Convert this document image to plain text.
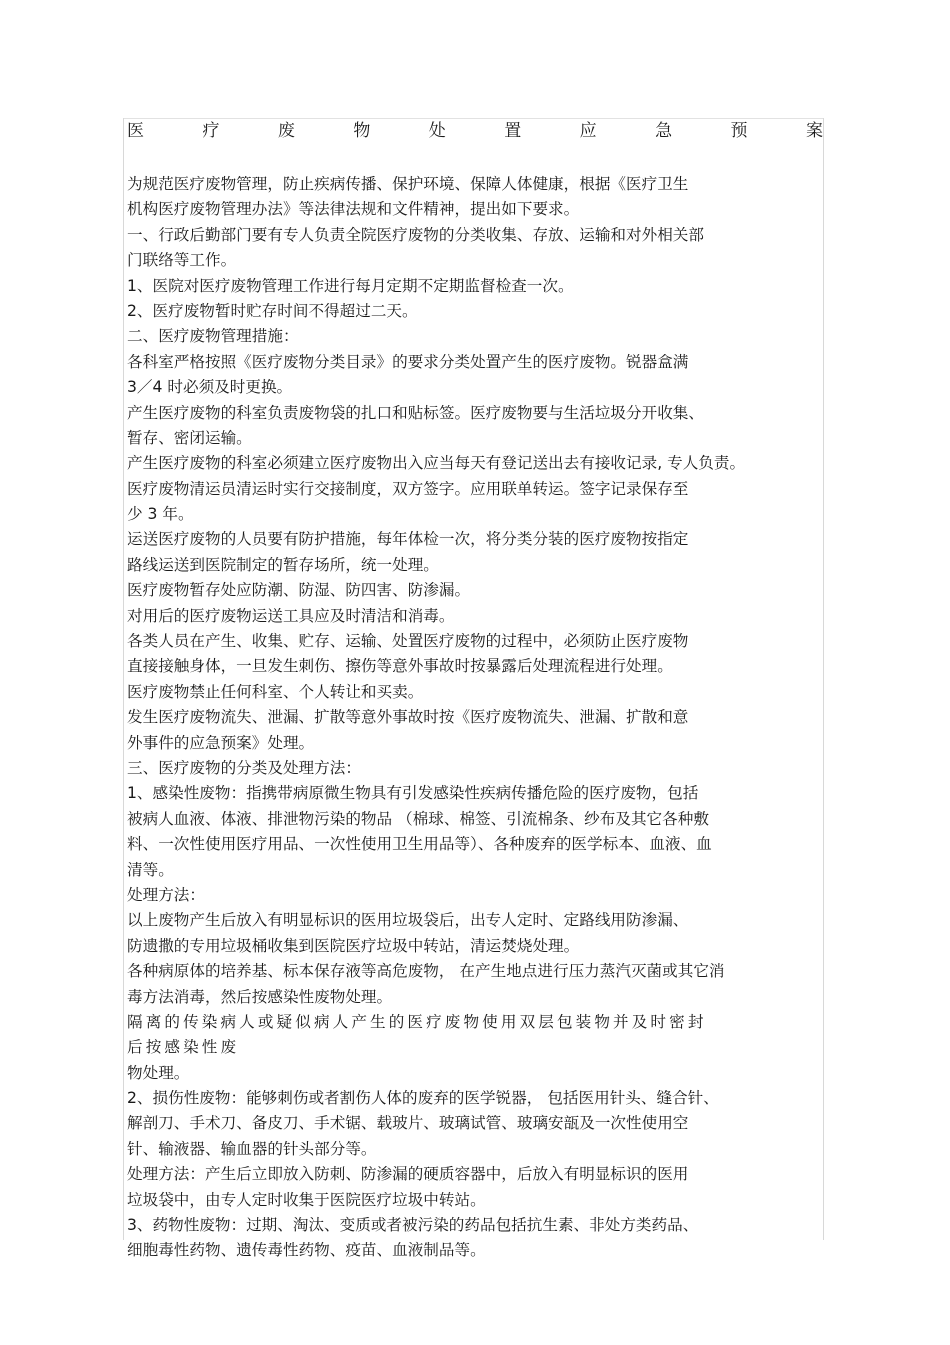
医 疗 废 物 处 置 应 急 预 案
为规范医疗废物管理，防止疾病传播、保护环境、保障人体健康，根据《医疗卫生
机构医疗废物管理办法》等法律法规和文件精神，提出如下要求。
一、行政后勤部门要有专人负责全院医疗废物的分类收集、存放、运输和对外相关部
门联络等工作。
1、医院对医疗废物管理工作进行每月定期不定期监督检查一次。
2、医疗废物暂时贮存时间不得超过二天。
二、医疗废物管理措施：
各科室严格按照《医疗废物分类目录》的要求分类处置产生的医疗废物。锐器盒满
3／4 时必须及时更换。
产生医疗废物的科室负责废物袋的扎口和贴标签。医疗废物要与生活垃圾分开收集、
暂存、密闭运输。
产生医疗废物的科室必须建立医疗废物出入应当每天有登记送出去有接收记录, 专人负责。
医疗废物清运员清运时实行交接制度，双方签字。应用联单转运。签字记录保存至
少 3 年。
运送医疗废物的人员要有防护措施，每年体检一次，将分类分装的医疗废物按指定
路线运送到医院制定的暂存场所，统一处理。
医疗废物暂存处应防潮、防湿、防四害、防渗漏。
对用后的医疗废物运送工具应及时清洁和消毒。
各类人员在产生、收集、贮存、运输、处置医疗废物的过程中，必须防止医疗废物
直接接触身体，一旦发生刺伤、擦伤等意外事故时按暴露后处理流程进行处理。
医疗废物禁止任何科室、个人转让和买卖。
发生医疗废物流失、泄漏、扩散等意外事故时按《医疗废物流失、泄漏、扩散和意
外事件的应急预案》处理。
三、医疗废物的分类及处理方法：
1、感染性废物：指携带病原微生物具有引发感染性疾病传播危险的医疗废物，包括
被病人血液、体液、排泄物污染的物品 （棉球、棉签、引流棉条、纱布及其它各种敷
料、一次性使用医疗用品、一次性使用卫生用品等）、各种废弃的医学标本、血液、血
清等。
处理方法：
以上废物产生后放入有明显标识的医用垃圾袋后，出专人定时、定路线用防渗漏、
防遗撒的专用垃圾桶收集到医院医疗垃圾中转站，清运焚烧处理。
各种病原体的培养基、标本保存液等高危废物， 在产生地点进行压力蒸汽灭菌或其它消
毒方法消毒，然后按感染性废物处理。
隔离的传染病人或疑似病人产生的医疗废物使用双层包装物并及时密封
后按感染性废
物处理。
2、损伤性废物：能够刺伤或者割伤人体的废弃的医学锐器， 包括医用针头、缝合针、
解剖刀、手术刀、备皮刀、手术锯、载玻片、玻璃试管、玻璃安瓿及一次性使用空
针、输液器、输血器的针头部分等。
处理方法：产生后立即放入防刺、防渗漏的硬质容器中，后放入有明显标识的医用
垃圾袋中，由专人定时收集于医院医疗垃圾中转站。
3、药物性废物：过期、淘汰、变质或者被污染的药品包括抗生素、非处方类药品、
细胞毒性药物、遗传毒性药物、疫苗、血液制品等。
